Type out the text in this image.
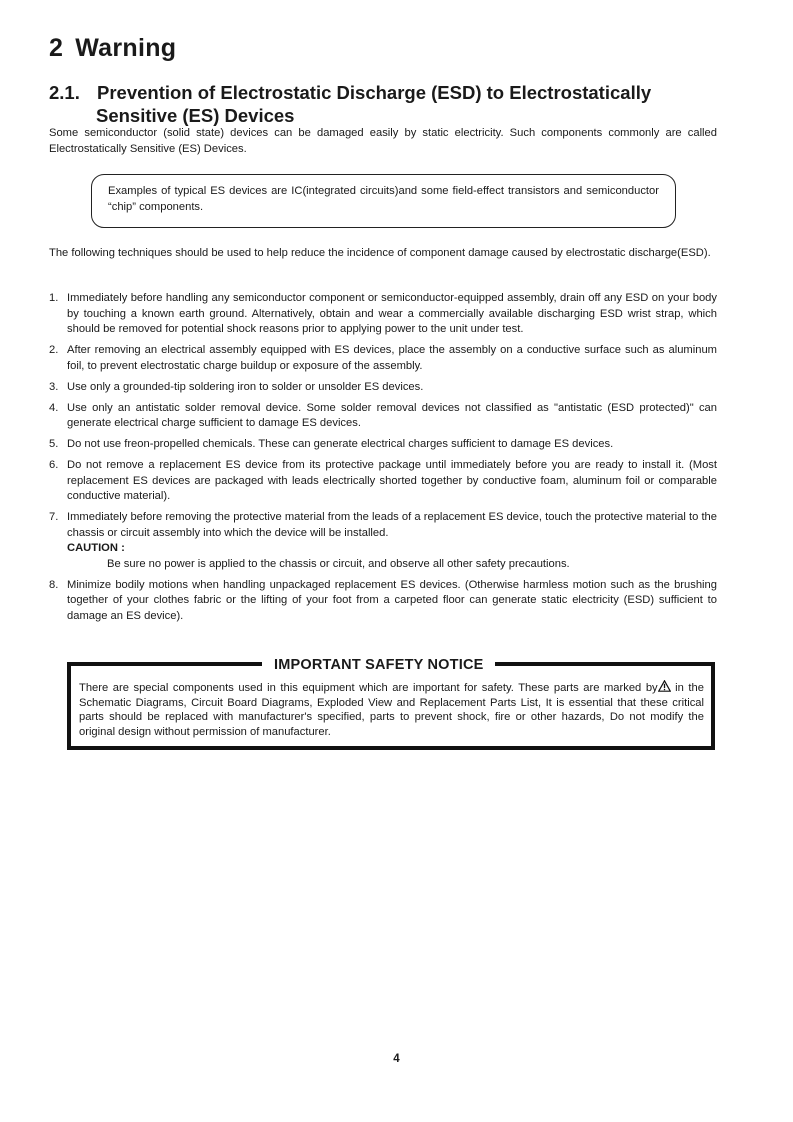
2 Warning
2.1. Prevention of Electrostatic Discharge (ESD) to Electrostatically
Sensitive (ES) Devices

Some semiconductor (solid state) devices can be damaged easily by static electricity. Such components commonly are called Electrostatically Sensitive (ES) Devices.

Examples of typical ES devices are IC(integrated circuits)and some field-effect transistors and semiconductor “chip” components.

The following techniques should be used to help reduce the incidence of component damage caused by electrostatic discharge(ESD).

1. Immediately before handling any semiconductor component or semiconductor-equipped assembly, drain off any ESD on your body by touching a known earth ground. Alternatively, obtain and wear a commercially available discharging ESD wrist strap, which should be removed for potential shock reasons prior to applying power to the unit under test.
2. After removing an electrical assembly equipped with ES devices, place the assembly on a conductive surface such as aluminum foil, to prevent electrostatic charge buildup or exposure of the assembly.
3. Use only a grounded-tip soldering iron to solder or unsolder ES devices.
4. Use only an antistatic solder removal device. Some solder removal devices not classified as "antistatic (ESD protected)" can generate electrical charge sufficient to damage ES devices.
5. Do not use freon-propelled chemicals. These can generate electrical charges sufficient to damage ES devices.
6. Do not remove a replacement ES device from its protective package until immediately before you are ready to install it. (Most replacement ES devices are packaged with leads electrically shorted together by conductive foam, aluminum foil or comparable conductive material).
7. Immediately before removing the protective material from the leads of a replacement ES device, touch the protective material to the chassis or circuit assembly into which the device will be installed.
CAUTION :
Be sure no power is applied to the chassis or circuit, and observe all other safety precautions.
8. Minimize bodily motions when handling unpackaged replacement ES devices. (Otherwise harmless motion such as the brushing together of your clothes fabric or the lifting of your foot from a carpeted floor can generate static electricity (ESD) sufficient to damage an ES device).
IMPORTANT SAFETY NOTICE

There are special components used in this equipment which are important for safety. These parts are marked by in the Schematic Diagrams, Circuit Board Diagrams, Exploded View and Replacement Parts List, It is essential that these critical parts should be replaced with manufacturer's specified, parts to prevent shock, fire or other hazards, Do not modify the original design without permission of manufacturer.

4
